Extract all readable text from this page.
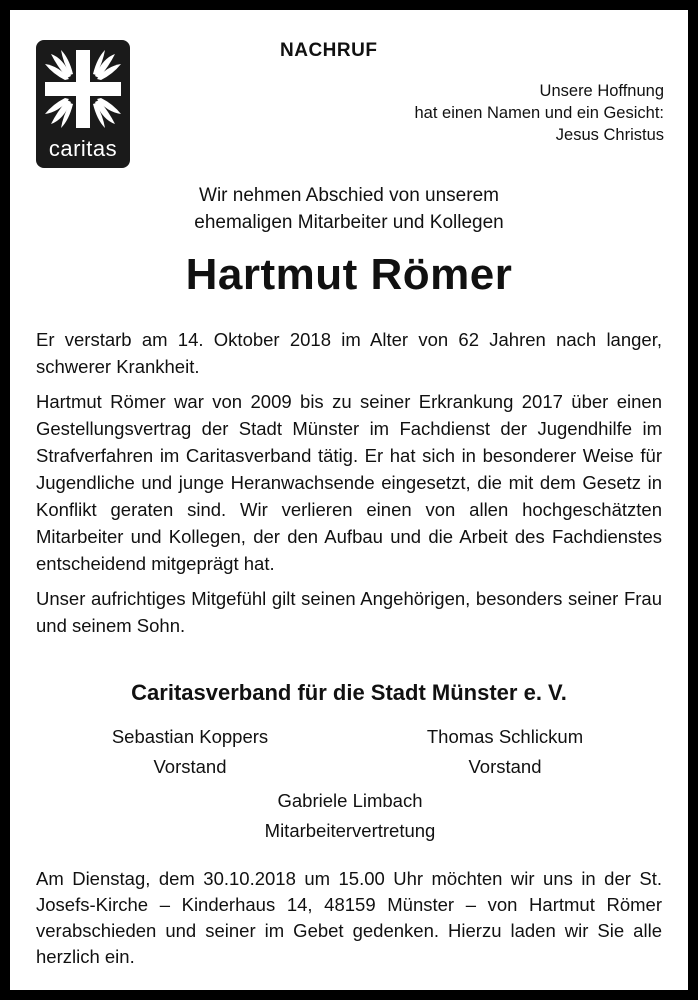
caritas
NACHRUF
Unsere Hoffnung
hat einen Namen und ein Gesicht:
Jesus Christus
Wir nehmen Abschied von unserem
ehemaligen Mitarbeiter und Kollegen
Hartmut Römer

Er verstarb am 14. Oktober 2018 im Alter von 62 Jahren nach langer, schwerer Krankheit.

Hartmut Römer war von 2009 bis zu seiner Erkrankung 2017 über einen Gestellungsvertrag der Stadt Münster im Fachdienst der Jugendhilfe im Strafverfahren im Caritasverband tätig. Er hat sich in besonderer Weise für Jugendliche und junge Heranwachsende eingesetzt, die mit dem Gesetz in Konflikt geraten sind. Wir verlieren einen von allen hochgeschätzten Mitarbeiter und Kollegen, der den Aufbau und die Arbeit des Fachdienstes entscheidend mitgeprägt hat.

Unser aufrichtiges Mitgefühl gilt seinen Angehörigen, besonders seiner Frau und seinem Sohn.

Caritasverband für die Stadt Münster e. V.
Sebastian Koppers
Vorstand
Thomas Schlickum
Vorstand
Gabriele Limbach
Mitarbeitervertretung
Am Dienstag, dem 30.10.2018 um 15.00 Uhr möchten wir uns in der St. Josefs-Kirche – Kinderhaus 14, 48159 Münster – von Hartmut Römer verabschieden und seiner im Gebet gedenken. Hierzu laden wir Sie alle herzlich ein.
